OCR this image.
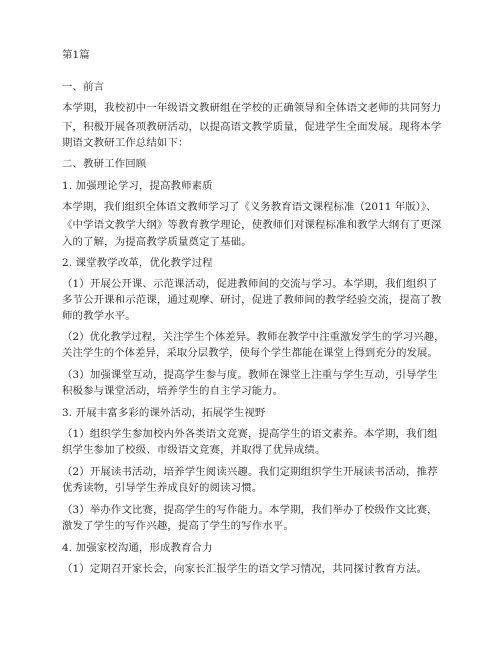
第1篇
一、前言
本学期，我校初中一年级语文教研组在学校的正确领导和全体语文老师的共同努力
下，积极开展各项教研活动，以提高语文教学质量，促进学生全面发展。现将本学
期语文教研工作总结如下：
二、教研工作回顾
1. 加强理论学习，提高教师素质
本学期，我们组织全体语文教师学习了《义务教育语文课程标准（2011 年版）》、
《中学语文教学大纲》等教育教学理论，使教师们对课程标准和教学大纲有了更深
入的了解，为提高教学质量奠定了基础。
2. 课堂教学改革，优化教学过程
（1）开展公开课、示范课活动，促进教师间的交流与学习。本学期，我们组织了
多节公开课和示范课，通过观摩、研讨，促进了教师间的教学经验交流，提高了教
师的教学水平。
（2）优化教学过程，关注学生个体差异。教师在教学中注重激发学生的学习兴趣，
关注学生的个体差异，采取分层教学，使每个学生都能在课堂上得到充分的发展。
（3）加强课堂互动，提高学生参与度。教师在课堂上注重与学生互动，引导学生
积极参与课堂活动，培养学生的自主学习能力。
3. 开展丰富多彩的课外活动，拓展学生视野
（1）组织学生参加校内外各类语文竞赛，提高学生的语文素养。本学期，我们组
织学生参加了校级、市级语文竞赛，并取得了优异成绩。
（2）开展读书活动，培养学生阅读兴趣。我们定期组织学生开展读书活动，推荐
优秀读物，引导学生养成良好的阅读习惯。
（3）举办作文比赛，提高学生的写作能力。本学期，我们举办了校级作文比赛，
激发了学生的写作兴趣，提高了学生的写作水平。
4. 加强家校沟通，形成教育合力
（1）定期召开家长会，向家长汇报学生的语文学习情况，共同探讨教育方法。
